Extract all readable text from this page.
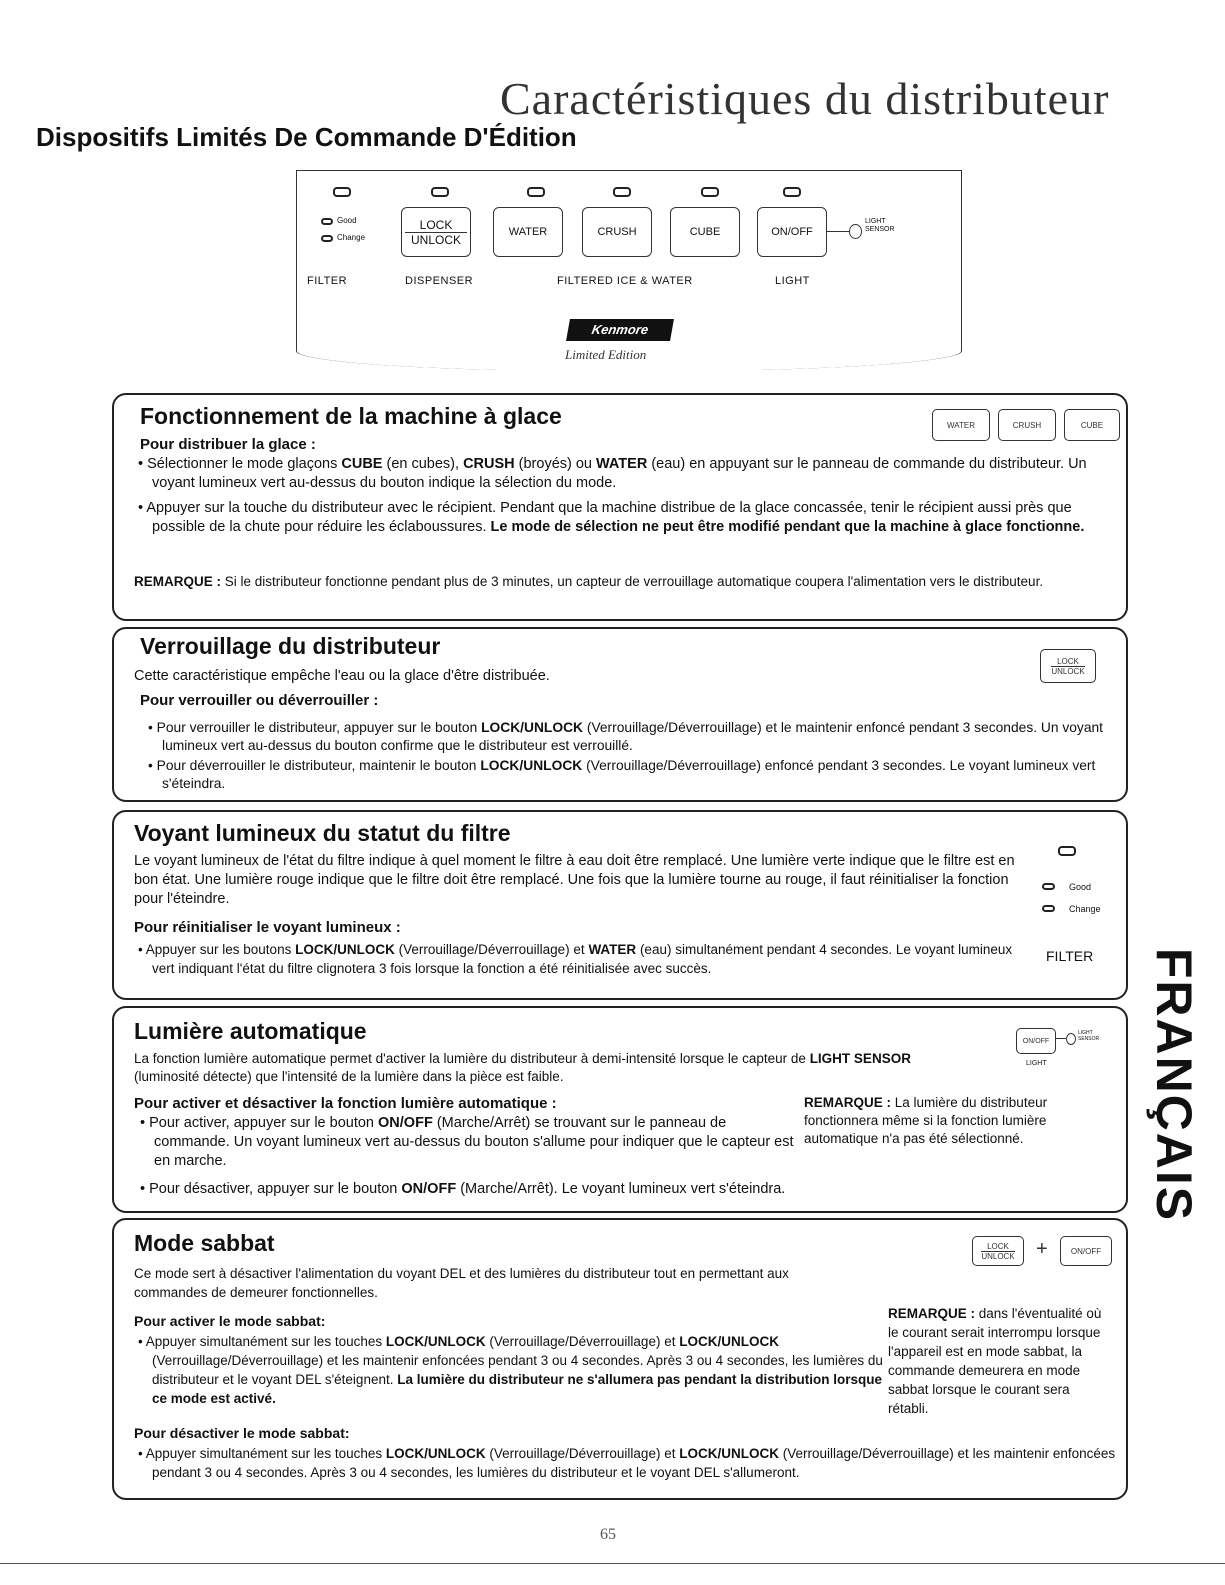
Caractéristiques du distributeur
Dispositifs Limités De Commande D'Édition
Good
Change
LOCK
UNLOCK
WATER	CRUSH	CUBE	ON/OFF
LIGHT SENSOR
FILTER	DISPENSER	FILTERED ICE & WATER	LIGHT
Kenmore
Limited Edition
Fonctionnement de la machine à glace	WATER	CRUSH	CUBE
Pour distribuer la glace :
• Sélectionner le mode glaçons CUBE (en cubes), CRUSH (broyés) ou WATER (eau) en appuyant sur le panneau de commande du distributeur. Un voyant lumineux vert au-dessus du bouton indique la sélection du mode.
• Appuyer sur la touche du distributeur avec le récipient. Pendant que la machine distribue de la glace concassée, tenir le récipient aussi près que possible de la chute pour réduire les éclaboussures. Le mode de sélection ne peut être modifié pendant que la machine à glace fonctionne.
REMARQUE : Si le distributeur fonctionne pendant plus de 3 minutes, un capteur de verrouillage automatique coupera l'alimentation vers le distributeur.
Verrouillage du distributeur
LOCK
UNLOCK
Cette caractéristique empêche l'eau ou la glace d'être distribuée.
Pour verrouiller ou déverrouiller :
• Pour verrouiller le distributeur, appuyer sur le bouton LOCK/UNLOCK (Verrouillage/Déverrouillage) et le maintenir enfoncé pendant 3 secondes. Un voyant lumineux vert au-dessus du bouton confirme que le distributeur est verrouillé.
• Pour déverrouiller le distributeur, maintenir le bouton LOCK/UNLOCK (Verrouillage/Déverrouillage) enfoncé pendant 3 secondes. Le voyant lumineux vert s'éteindra.
Voyant lumineux du statut du filtre
Le voyant lumineux de l'état du filtre indique à quel moment le filtre à eau doit être remplacé. Une lumière verte indique que le filtre est en bon état. Une lumière rouge indique que le filtre doit être remplacé. Une fois que la lumière tourne au rouge, il faut réinitialiser la fonction pour l'éteindre.
Pour réinitialiser le voyant lumineux :
• Appuyer sur les boutons LOCK/UNLOCK (Verrouillage/Déverrouillage) et WATER (eau) simultanément pendant 4 secondes. Le voyant lumineux vert indiquant l'état du filtre clignotera 3 fois lorsque la fonction a été réinitialisée avec succès.
Good
Change
FILTER
Lumière automatique	ON/OFF
LIGHT SENSOR
LIGHT
La fonction lumière automatique permet d'activer la lumière du distributeur à demi-intensité lorsque le capteur de LIGHT SENSOR (luminosité détecte) que l'intensité de la lumière dans la pièce est faible.
Pour activer et désactiver la fonction lumière automatique :
• Pour activer, appuyer sur le bouton ON/OFF (Marche/Arrêt) se trouvant sur le panneau de commande. Un voyant lumineux vert au-dessus du bouton s'allume pour indiquer que le capteur est en marche.
• Pour désactiver, appuyer sur le bouton ON/OFF (Marche/Arrêt). Le voyant lumineux vert s'éteindra.
REMARQUE : La lumière du distributeur fonctionnera même si la fonction lumière automatique n'a pas été sélectionné.
Mode sabbat	LOCK
UNLOCK +	ON/OFF
Ce mode sert à désactiver l'alimentation du voyant DEL et des lumières du distributeur tout en permettant aux commandes de demeurer fonctionnelles.
Pour activer le mode sabbat:
• Appuyer simultanément sur les touches LOCK/UNLOCK (Verrouillage/Déverrouillage) et LOCK/UNLOCK (Verrouillage/Déverrouillage) et les maintenir enfoncées pendant 3 ou 4 secondes. Après 3 ou 4 secondes, les lumières du distributeur et le voyant DEL s'éteignent. La lumière du distributeur ne s'allumera pas pendant la distribution lorsque ce mode est activé.
REMARQUE : dans l'éventualité où le courant serait interrompu lorsque l'appareil est en mode sabbat, la commande demeurera en mode sabbat lorsque le courant sera rétabli.
Pour désactiver le mode sabbat:
• Appuyer simultanément sur les touches LOCK/UNLOCK (Verrouillage/Déverrouillage) et LOCK/UNLOCK (Verrouillage/Déverrouillage) et les maintenir enfoncées pendant 3 ou 4 secondes. Après 3 ou 4 secondes, les lumières du distributeur et le voyant DEL s'allumeront.
FRANÇAIS
65
